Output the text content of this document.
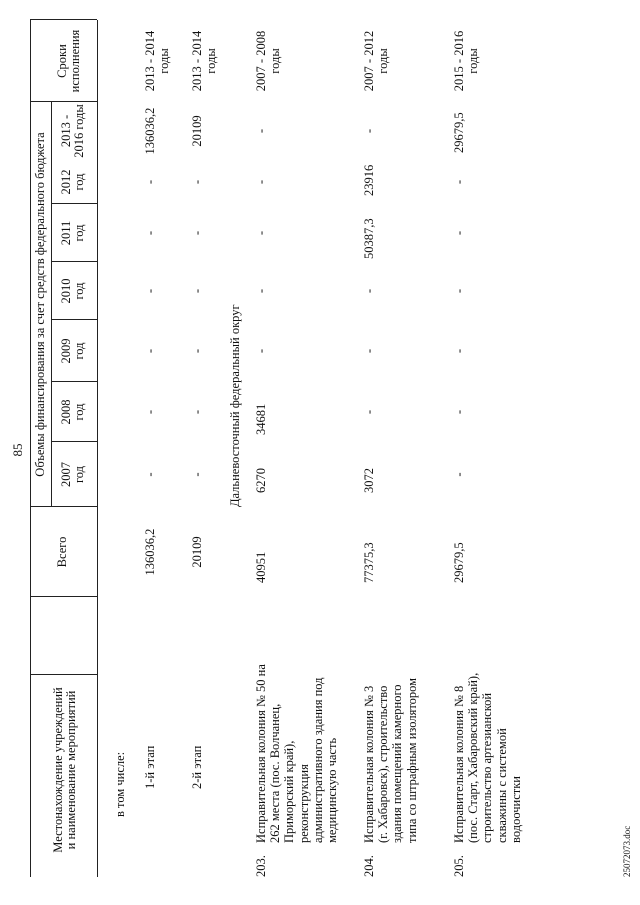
85
Местонахождение учреждений и наименование мероприятий
Всего
Объемы финансирования за счет средств федерального бюджета 2007 год
2008 год
2009 год
2010 год
2011 год
2012 год
2013 - 2016 годы
Сроки исполнения
в том числе: 1-й этап
136036,2
-
-
-
-
-
-
136036,2
2013 - 2014 годы
2-й этап
20109
-
-
-
-
-
-
20109
2013 - 2014 годы
Дальневосточный федеральный округ
203.
Исправительная колония № 50 на 262 места (пос. Волчанец, Приморский край), реконструкция административного здания под медицинскую часть
40951
6270
34681
-
-
-
-
-
2007 - 2008 годы
204.
Исправительная колония № 3 (г. Хабаровск), строительство здания помещений камерного типа со штрафным изолятором
77375,3
3072
-
-
-
50387,3
23916
-
2007 - 2012 годы
205.
Исправительная колония № 8 (пос. Старт, Хабаровский край), строительство артезианской скважины с системой водоочистки
29679,5
-
-
-
-
-
-
29679,5
2015 - 2016 годы
25072073.doc
